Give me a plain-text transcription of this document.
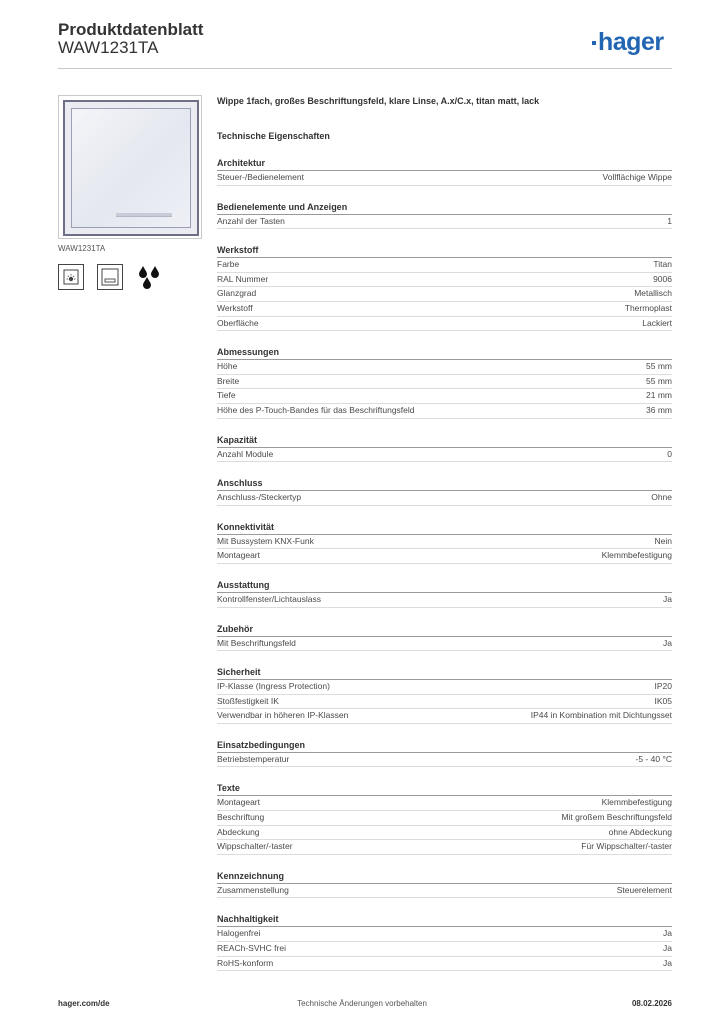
Produktdatenblatt
WAW1231TA	hager
WAW1231TA
Wippe 1fach, großes Beschriftungsfeld, klare Linse, A.x/C.x, titan matt, lack
Technische Eigenschaften
Architektur
Steuer-/Bedienelement	Vollflächige Wippe
Bedienelemente und Anzeigen
Anzahl der Tasten	1
Werkstoff
Farbe	Titan
RAL Nummer	9006
Glanzgrad	Metallisch
Werkstoff	Thermoplast
Oberfläche	Lackiert
Abmessungen
Höhe	55 mm
Breite	55 mm
Tiefe	21 mm
Höhe des P-Touch-Bandes für das Beschriftungsfeld	36 mm
Kapazität
Anzahl Module	0
Anschluss
Anschluss-/Steckertyp	Ohne
Konnektivität
Mit Bussystem KNX-Funk	Nein
Montageart	Klemmbefestigung
Ausstattung
Kontrollfenster/Lichtauslass	Ja
Zubehör
Mit Beschriftungsfeld	Ja
Sicherheit
IP-Klasse (Ingress Protection)	IP20
Stoßfestigkeit IK	IK05
Verwendbar in höheren IP-Klassen	IP44 in Kombination mit Dichtungsset
Einsatzbedingungen
Betriebstemperatur	-5 - 40 °C
Texte
Montageart	Klemmbefestigung
Beschriftung	Mit großem Beschriftungsfeld
Abdeckung	ohne Abdeckung
Wippschalter/-taster	Für Wippschalter/-taster
Kennzeichnung
Zusammenstellung	Steuerelement
Nachhaltigkeit
Halogenfrei	Ja
REACh-SVHC frei	Ja
RoHS-konform	Ja
hager.com/de	Technische Änderungen vorbehalten	08.02.2026
